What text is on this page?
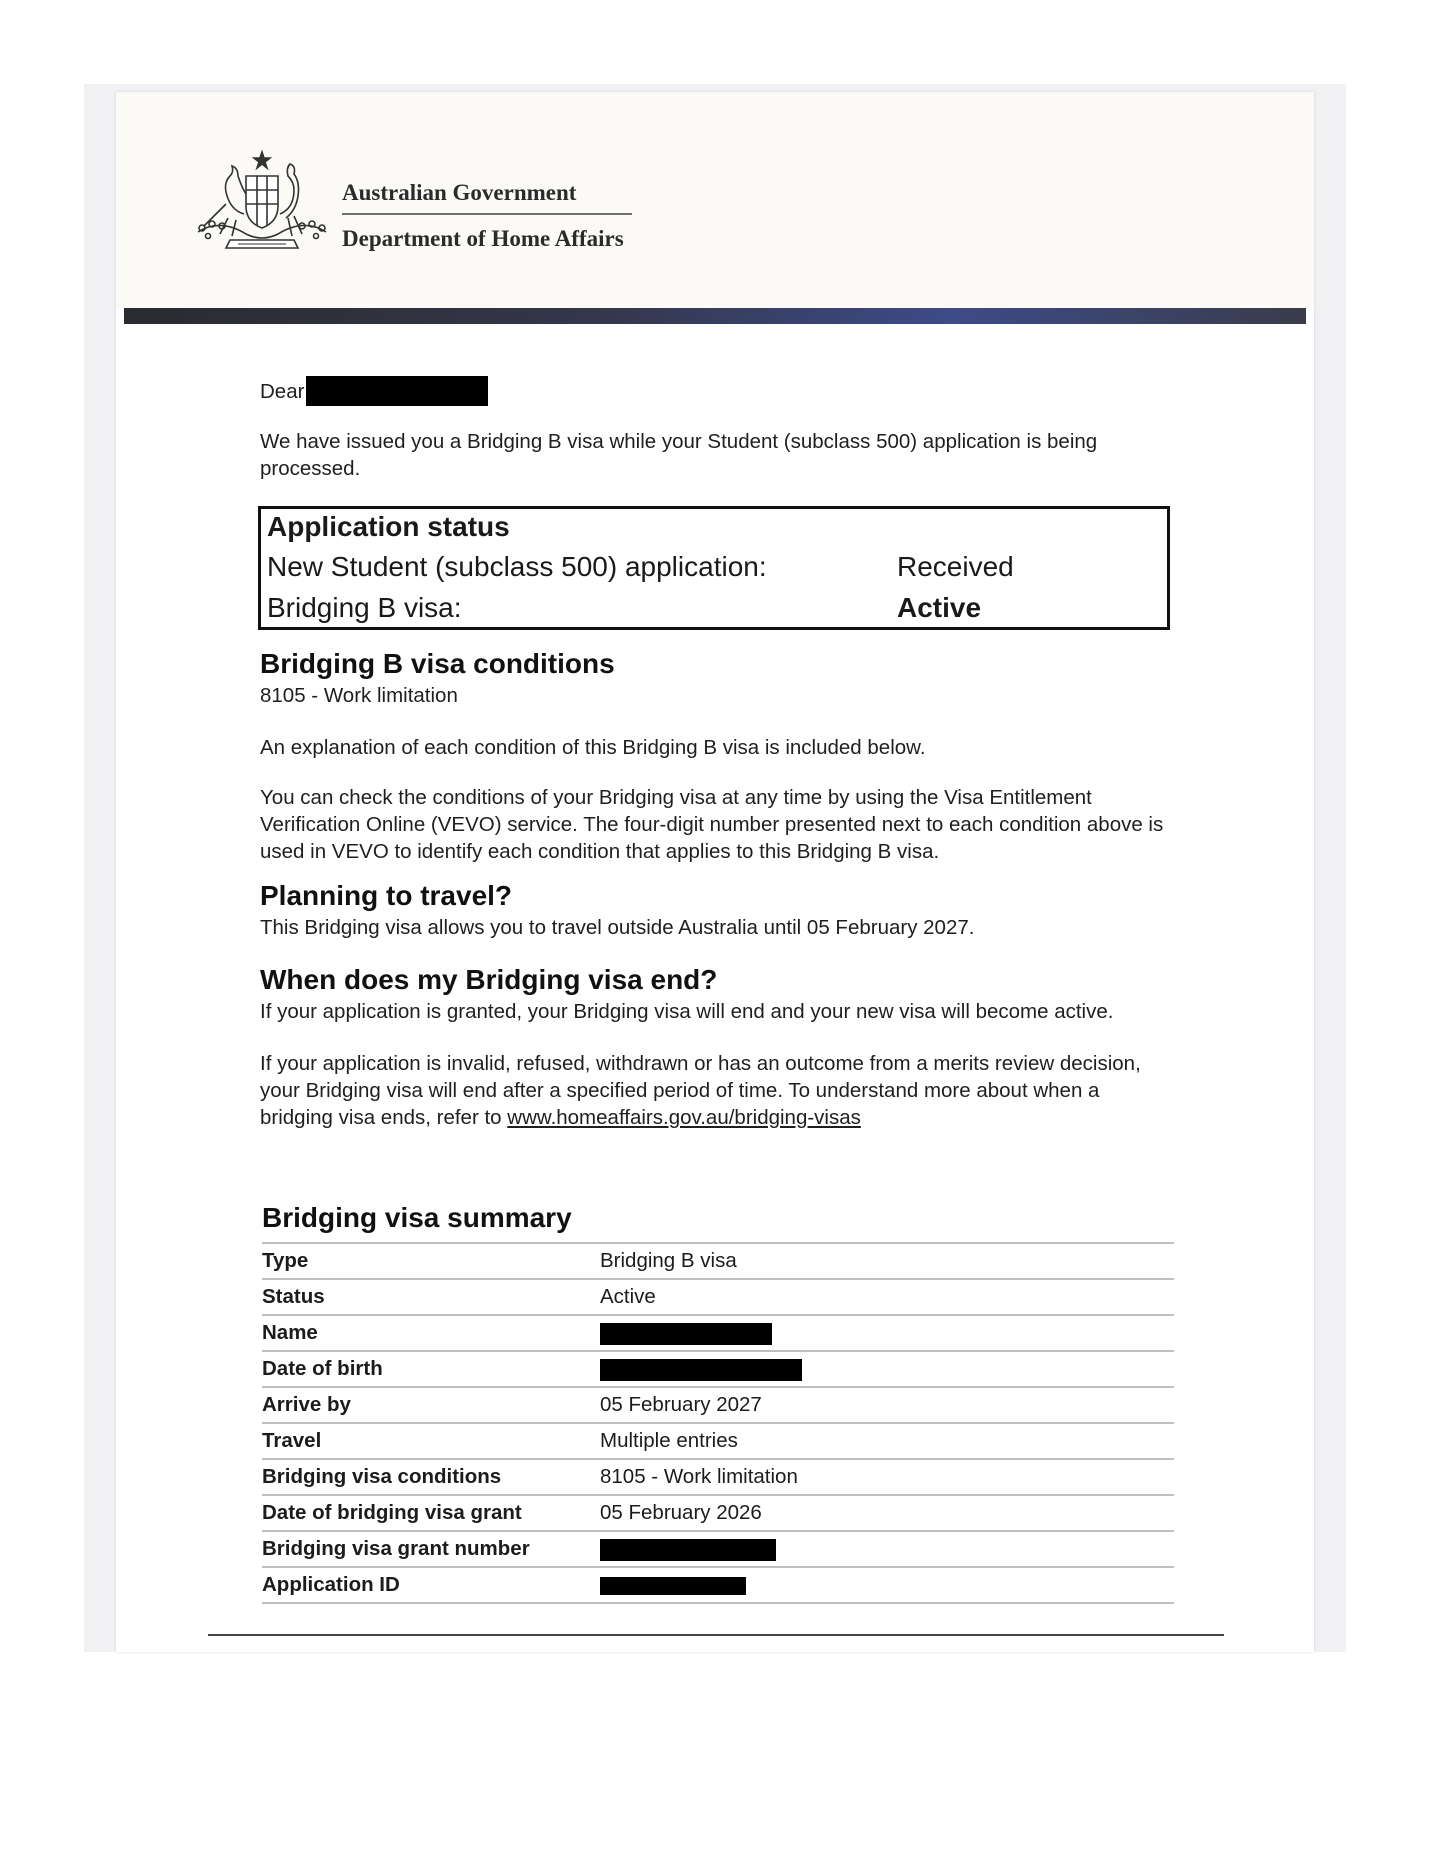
Australian Government
Department of Home Affairs
Dear
We have issued you a Bridging B visa while your Student (subclass 500) application is being processed.
Application status
New Student (subclass 500) application:	Received
Bridging B visa:	Active
Bridging B visa conditions
8105 - Work limitation
An explanation of each condition of this Bridging B visa is included below.
You can check the conditions of your Bridging visa at any time by using the Visa Entitlement Verification Online (VEVO) service. The four-digit number presented next to each condition above is used in VEVO to identify each condition that applies to this Bridging B visa.
Planning to travel?
This Bridging visa allows you to travel outside Australia until 05 February 2027.
When does my Bridging visa end?
If your application is granted, your Bridging visa will end and your new visa will become active.
If your application is invalid, refused, withdrawn or has an outcome from a merits review decision, your Bridging visa will end after a specified period of time. To understand more about when a bridging visa ends, refer to www.homeaffairs.gov.au/bridging-visas
Bridging visa summary
Type	Bridging B visa
Status	Active
Name	
Date of birth	
Arrive by	05 February 2027
Travel	Multiple entries
Bridging visa conditions	8105 - Work limitation
Date of bridging visa grant	05 February 2026
Bridging visa grant number	
Application ID	
